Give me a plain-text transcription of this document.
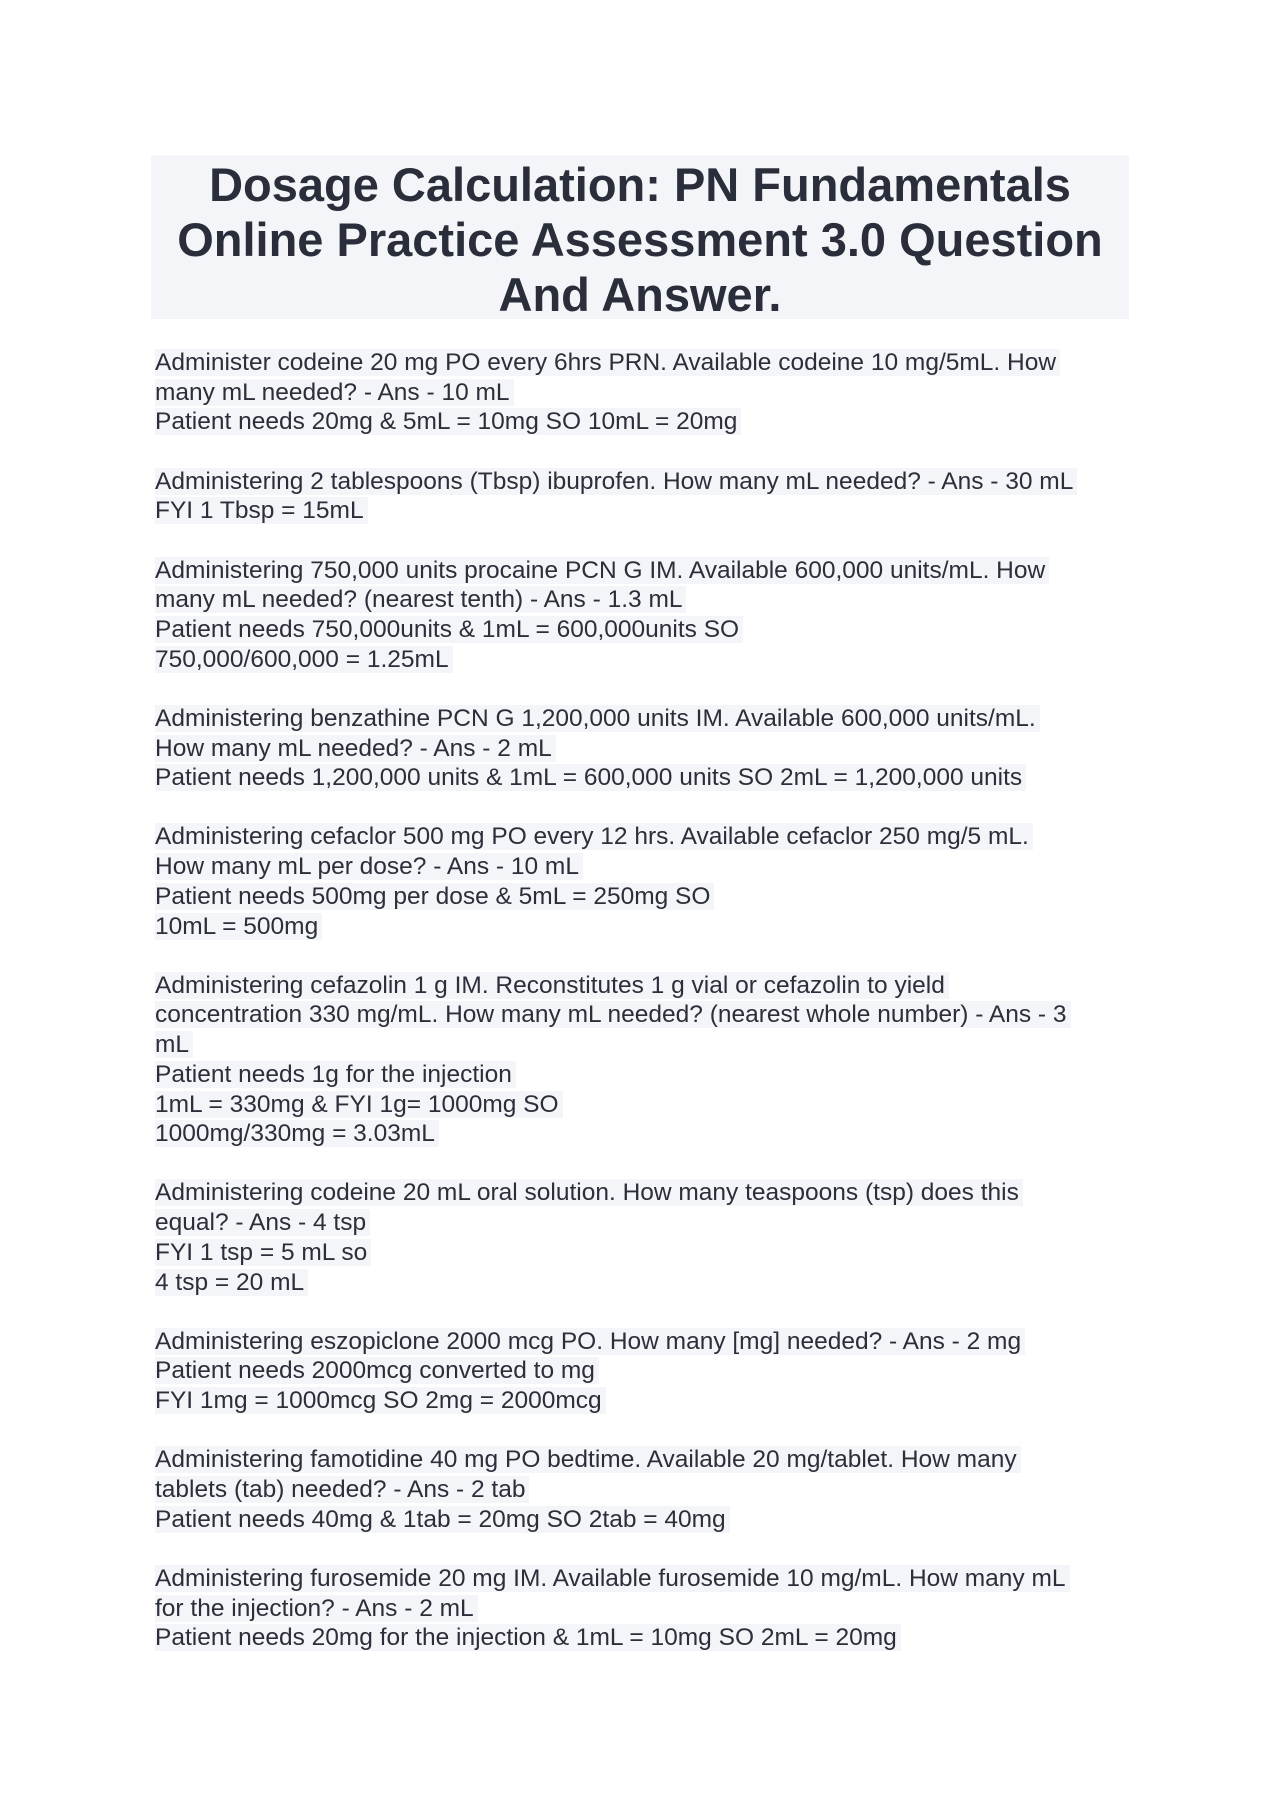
Dosage Calculation: PN Fundamentals
Online Practice Assessment 3.0 Question
And Answer.
Administer codeine 20 mg PO every 6hrs PRN. Available codeine 10 mg/5mL. How
many mL needed? - Ans - 10 mL
Patient needs 20mg & 5mL = 10mg SO 10mL = 20mg
Administering 2 tablespoons (Tbsp) ibuprofen. How many mL needed? - Ans - 30 mL
FYI 1 Tbsp = 15mL
Administering 750,000 units procaine PCN G IM. Available 600,000 units/mL. How
many mL needed? (nearest tenth) - Ans - 1.3 mL
Patient needs 750,000units & 1mL = 600,000units SO
750,000/600,000 = 1.25mL
Administering benzathine PCN G 1,200,000 units IM. Available 600,000 units/mL.
How many mL needed? - Ans - 2 mL
Patient needs 1,200,000 units & 1mL = 600,000 units SO 2mL = 1,200,000 units
Administering cefaclor 500 mg PO every 12 hrs. Available cefaclor 250 mg/5 mL.
How many mL per dose? - Ans - 10 mL
Patient needs 500mg per dose & 5mL = 250mg SO
10mL = 500mg
Administering cefazolin 1 g IM. Reconstitutes 1 g vial or cefazolin to yield
concentration 330 mg/mL. How many mL needed? (nearest whole number) - Ans - 3
mL
Patient needs 1g for the injection
1mL = 330mg & FYI 1g= 1000mg SO
1000mg/330mg = 3.03mL
Administering codeine 20 mL oral solution. How many teaspoons (tsp) does this
equal? - Ans - 4 tsp
FYI 1 tsp = 5 mL so
4 tsp = 20 mL
Administering eszopiclone 2000 mcg PO. How many [mg] needed? - Ans - 2 mg
Patient needs 2000mcg converted to mg
FYI 1mg = 1000mcg SO 2mg = 2000mcg
Administering famotidine 40 mg PO bedtime. Available 20 mg/tablet. How many
tablets (tab) needed? - Ans - 2 tab
Patient needs 40mg & 1tab = 20mg SO 2tab = 40mg
Administering furosemide 20 mg IM. Available furosemide 10 mg/mL. How many mL
for the injection? - Ans - 2 mL
Patient needs 20mg for the injection & 1mL = 10mg SO 2mL = 20mg
